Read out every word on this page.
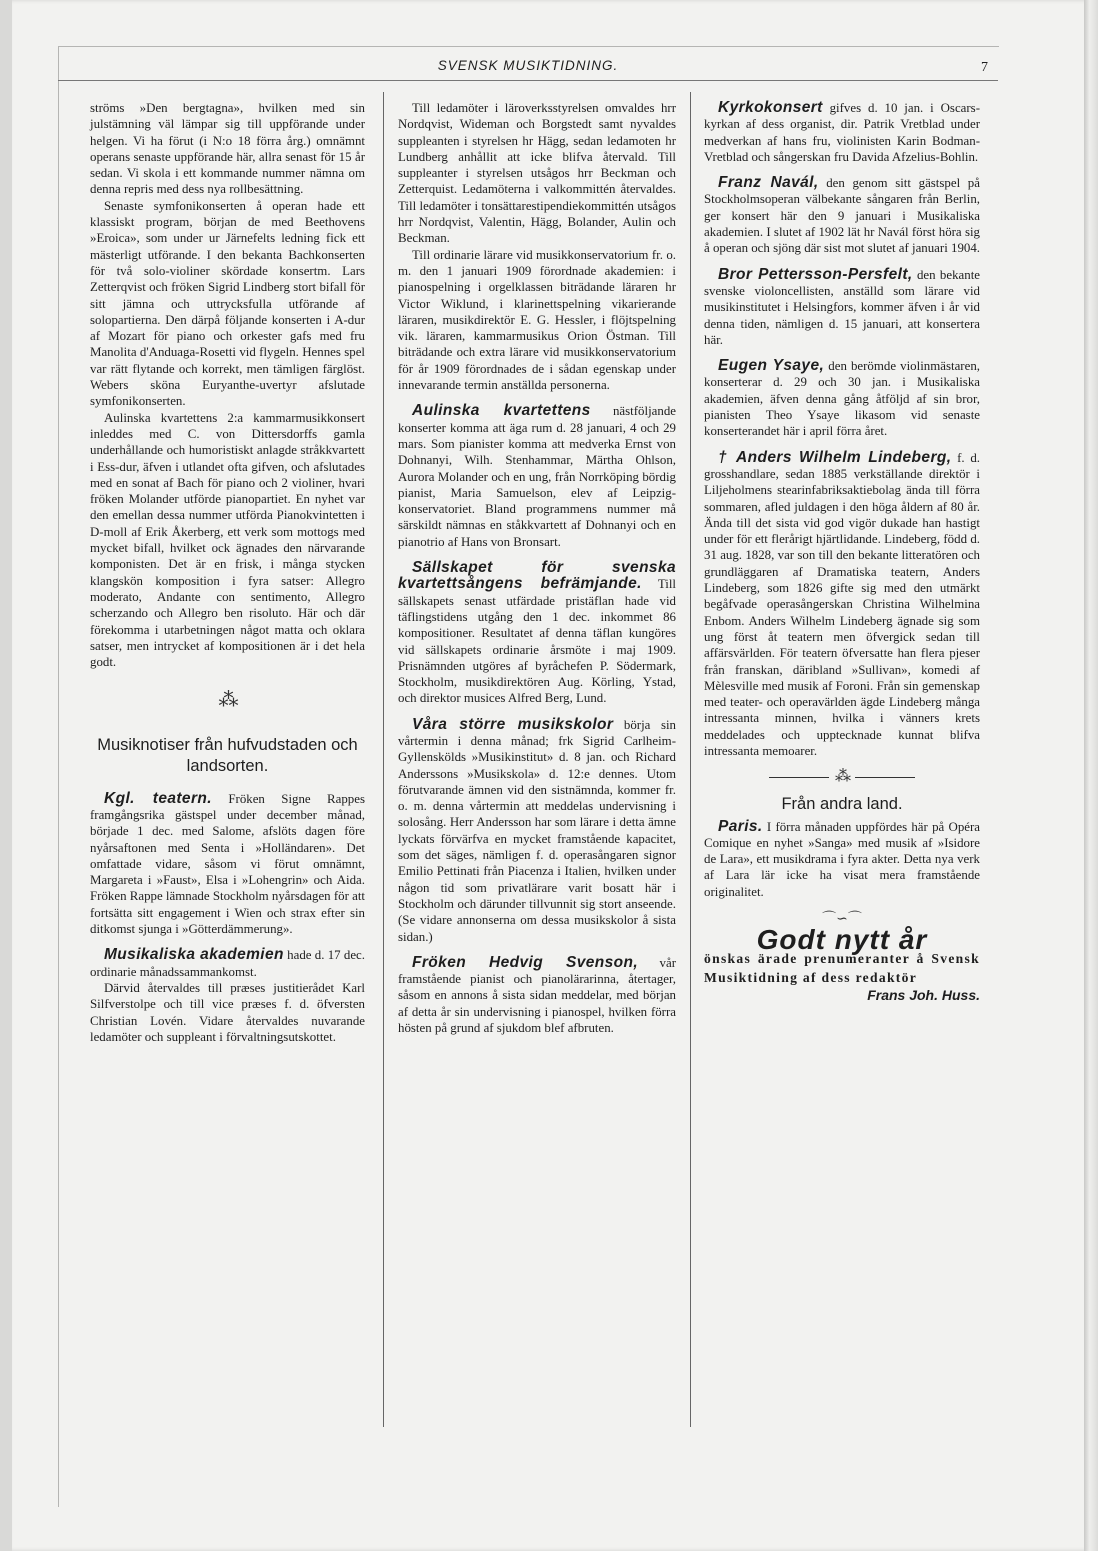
SVENSK MUSIKTIDNING.	7

ströms »Den bergtagna», hvilken med sin julstämning väl lämpar sig till uppförande under helgen. Vi ha förut (i N:o 18 förra årg.) omnämnt operans senaste uppförande här, allra senast för 15 år sedan. Vi skola i ett kommande nummer nämna om denna repris med dess nya rollbesättning.

Senaste symfonikonserten å operan hade ett klassiskt program, början de med Beethovens »Eroica», som under ur Järnefelts ledning fick ett mästerligt utförande. I den bekanta Bachkonserten för två solo-violiner skördade konsertm. Lars Zetterqvist och fröken Sigrid Lindberg stort bifall för sitt jämna och uttrycksfulla utförande af solopartierna. Den därpå följande konserten i A-dur af Mozart för piano och orkester gafs med fru Manolita d'Anduaga-Rosetti vid flygeln. Hennes spel var rätt flytande och korrekt, men tämligen färglöst. Webers sköna Euryanthe-uvertyr afslutade symfonikonserten.

Aulinska kvartettens 2:a kammarmusikkonsert inleddes med C. von Dittersdorffs gamla underhållande och humoristiskt anlagde stråkkvartett i Ess-dur, äfven i utlandet ofta gifven, och afslutades med en sonat af Bach för piano och 2 violiner, hvari fröken Molander utförde pianopartiet. En nyhet var den emellan dessa nummer utförda Pianokvintetten i D-moll af Erik Åkerberg, ett verk som mottogs med mycket bifall, hvilket ock ägnades den närvarande komponisten. Det är en frisk, i många stycken klangskön komposition i fyra satser: Allegro moderato, Andante con sentimento, Allegro scherzando och Allegro ben risoluto. Här och där förekomma i utarbetningen något matta och oklara satser, men intrycket af kompositionen är i det hela godt.

⁂

Musiknotiser från hufvudstaden och landsorten.

Kgl. teatern. Fröken Signe Rappes framgångsrika gästspel under december månad, började 1 dec. med Salome, afslöts dagen före nyårsaftonen med Senta i »Holländaren». Det omfattade vidare, såsom vi förut omnämnt, Margareta i »Faust», Elsa i »Lohengrin» och Aida. Fröken Rappe lämnade Stockholm nyårsdagen för att fortsätta sitt engagement i Wien och strax efter sin ditkomst sjunga i »Götterdämmerung».

Musikaliska akademien hade d. 17 dec. ordinarie månadssammankomst.

Därvid återvaldes till præses justitierådet Karl Silfverstolpe och till vice præses f. d. öfversten Christian Lovén. Vidare återvaldes nuvarande ledamöter och suppleant i förvaltningsutskottet.

Till ledamöter i läroverksstyrelsen omvaldes hrr Nordqvist, Wideman och Borgstedt samt nyvaldes suppleanten i styrelsen hr Hägg, sedan ledamoten hr Lundberg anhållit att icke blifva återvald. Till suppleanter i styrelsen utsågos hrr Beckman och Zetterquist. Ledamöterna i valkommittén återvaldes. Till ledamöter i tonsättarestipendiekommittén utsågos hrr Nordqvist, Valentin, Hägg, Bolander, Aulin och Beckman.

Till ordinarie lärare vid musikkonservatorium fr. o. m. den 1 januari 1909 förordnade akademien: i pianospelning i orgelklassen biträdande läraren hr Victor Wiklund, i klarinettspelning vikarierande läraren, musikdirektör E. G. Hessler, i flöjtspelning vik. läraren, kammarmusikus Orion Östman. Till biträdande och extra lärare vid musikkonservatorium för år 1909 förordnades de i sådan egenskap under innevarande termin anställda personerna.

Aulinska kvartettens nästföljande konserter komma att äga rum d. 28 januari, 4 och 29 mars. Som pianister komma att medverka Ernst von Dohnanyi, Wilh. Stenhammar, Märtha Ohlson, Aurora Molander och en ung, från Norrköping bördig pianist, Maria Samuelson, elev af Leipzig-konservatoriet. Bland programmens nummer må särskildt nämnas en ståkkvartett af Dohnanyi och en pianotrio af Hans von Bronsart.

Sällskapet för svenska kvartettsångens befrämjande. Till sällskapets senast utfärdade pristäflan hade vid täflingstidens utgång den 1 dec. inkommet 86 kompositioner. Resultatet af denna täflan kungöres vid sällskapets ordinarie årsmöte i maj 1909. Prisnämnden utgöres af byråchefen P. Södermark, Stockholm, musikdirektören Aug. Körling, Ystad, och direktor musices Alfred Berg, Lund.

Våra större musikskolor börja sin vårtermin i denna månad; frk Sigrid Carlheim-Gyllenskölds »Musikinstitut» d. 8 jan. och Richard Anderssons »Musikskola» d. 12:e dennes. Utom förutvarande ämnen vid den sistnämnda, kommer fr. o. m. denna vårtermin att meddelas undervisning i solosång. Herr Andersson har som lärare i detta ämne lyckats förvärfva en mycket framstående kapacitet, som det säges, nämligen f. d. operasångaren signor Emilio Pettinati från Piacenza i Italien, hvilken under någon tid som privatlärare varit bosatt här i Stockholm och därunder tillvunnit sig stort anseende. (Se vidare annonserna om dessa musikskolor å sista sidan.)

Fröken Hedvig Svenson, vår framstående pianist och pianolärarinna, återtager, såsom en annons å sista sidan meddelar, med början af detta år sin undervisning i pianospel, hvilken förra hösten på grund af sjukdom blef afbruten.

Kyrkokonsert gifves d. 10 jan. i Oscars-kyrkan af dess organist, dir. Patrik Vretblad under medverkan af hans fru, violinisten Karin Bodman-Vretblad och sångerskan fru Davida Afzelius-Bohlin.

Franz Navál, den genom sitt gästspel på Stockholmsoperan välbekante sångaren från Berlin, ger konsert här den 9 januari i Musikaliska akademien. I slutet af 1902 lät hr Navál först höra sig å operan och sjöng där sist mot slutet af januari 1904.

Bror Pettersson-Persfelt, den bekante svenske violoncellisten, anställd som lärare vid musikinstitutet i Helsingfors, kommer äfven i år vid denna tiden, nämligen d. 15 januari, att konsertera här.

Eugen Ysaye, den berömde violinmästaren, konserterar d. 29 och 30 jan. i Musikaliska akademien, äfven denna gång åtföljd af sin bror, pianisten Theo Ysaye likasom vid senaste konserterandet här i april förra året.

† Anders Wilhelm Lindeberg, f. d. grosshandlare, sedan 1885 verkställande direktör i Liljeholmens stearinfabriksaktiebolag ända till förra sommaren, afled juldagen i den höga åldern af 80 år. Ända till det sista vid god vigör dukade han hastigt under för ett flerårigt hjärtlidande. Lindeberg, född d. 31 aug. 1828, var son till den bekante litteratören och grundläggaren af Dramatiska teatern, Anders Lindeberg, som 1826 gifte sig med den utmärkt begåfvade operasångerskan Christina Wilhelmina Enbom. Anders Wilhelm Lindeberg ägnade sig som ung först åt teatern men öfvergick sedan till affärsvärlden. För teatern öfversatte han flera pjeser från franskan, däribland »Sullivan», komedi af Mèlesville med musik af Foroni. Från sin gemenskap med teater- och operavärlden ägde Lindeberg många intressanta minnen, hvilka i vänners krets meddelades och upptecknade kunnat blifva intressanta memoarer.

⁂

Från andra land.

Paris. I förra månaden uppfördes här på Opéra Comique en nyhet »Sanga» med musik af »Isidore de Lara», ett musikdrama i fyra akter. Detta nya verk af Lara lär icke ha visat mera framstående originalitet.

⌒∽⌒

Godt nytt år

önskas ärade prenumeranter å Svensk Musiktidning af dess redaktör

Frans Joh. Huss.
